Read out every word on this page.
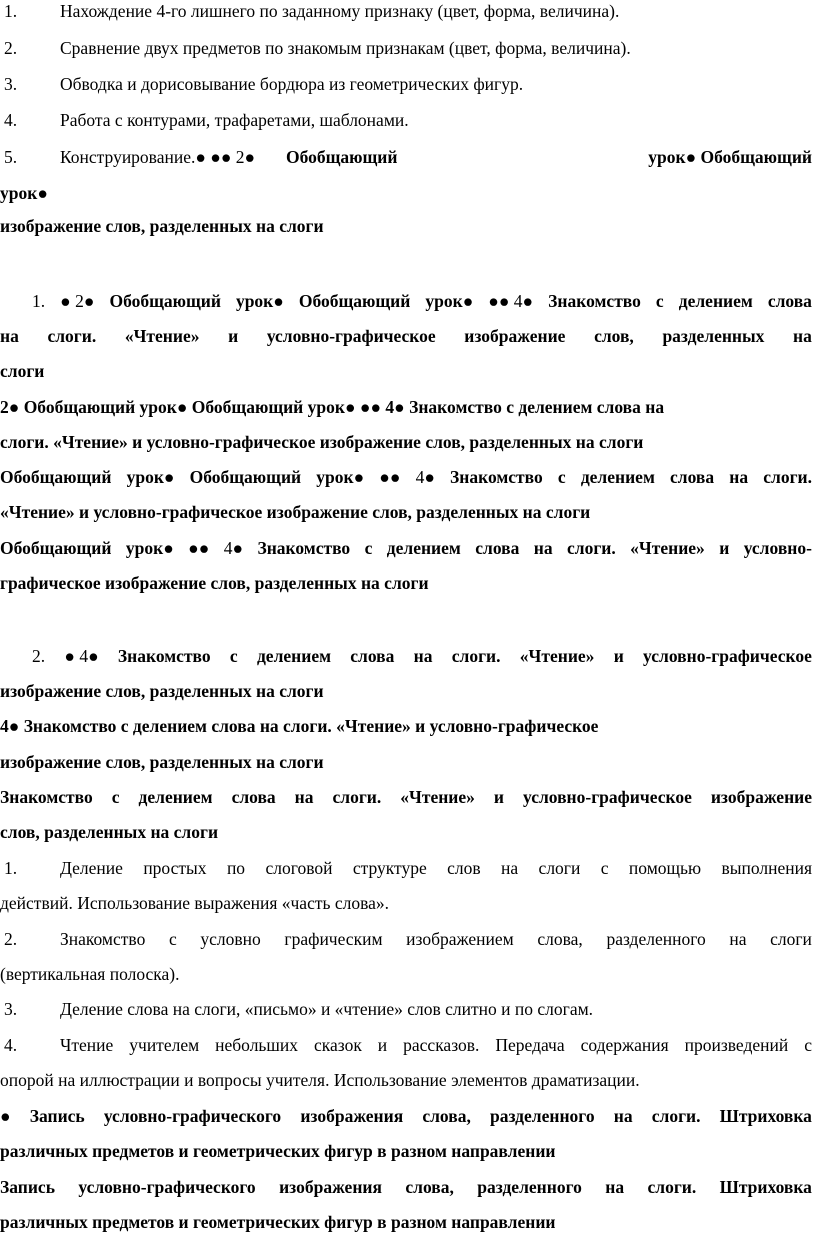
1. Нахождение 4-го лишнего по заданному признаку (цвет, форма, величина).
2. Сравнение двух предметов по знакомым признакам (цвет, форма, величина).
3. Обводка и дорисовывание бордюра из геометрических фигур.
4. Работа с контурами, трафаретами, шаблонами.
5. Конструирование.● ●● 2● Обобщающий	урок● Обобщающий
урок●
изображение слов, разделенных на слоги
1. ● 2● Обобщающий урок● Обобщающий урок● ●● 4● Знакомство с делением слова
на слоги. «Чтение» и условно-графическое изображение слов, разделенных на
слоги
2● Обобщающий урок● Обобщающий урок● ●● 4● Знакомство с делением слова на
слоги. «Чтение» и условно-графическое изображение слов, разделенных на слоги
Обобщающий урок● Обобщающий урок● ●● 4● Знакомство с делением слова на слоги.
«Чтение» и условно-графическое изображение слов, разделенных на слоги
Обобщающий урок● ●● 4● Знакомство с делением слова на слоги. «Чтение» и условно-
графическое изображение слов, разделенных на слоги
2. ● 4● Знакомство с делением слова на слоги. «Чтение» и условно-графическое
изображение слов, разделенных на слоги
4● Знакомство с делением слова на слоги. «Чтение» и условно-графическое
изображение слов, разделенных на слоги
Знакомство с делением слова на слоги. «Чтение» и условно-графическое изображение
слов, разделенных на слоги
1. Деление простых по слоговой структуре слов на слоги с помощью выполнения
действий. Использование выражения «часть слова».
2. Знакомство с условно графическим изображением слова, разделенного на слоги
(вертикальная полоска).
3. Деление слова на слоги, «письмо» и «чтение» слов слитно и по слогам.
4. Чтение учителем небольших сказок и рассказов. Передача содержания произведений с
опорой на иллюстрации и вопросы учителя. Использование элементов драматизации.
● Запись условно-графического изображения слова, разделенного на слоги. Штриховка
различных предметов и геометрических фигур в разном направлении
Запись условно-графического изображения слова, разделенного на слоги. Штриховка
различных предметов и геометрических фигур в разном направлении
